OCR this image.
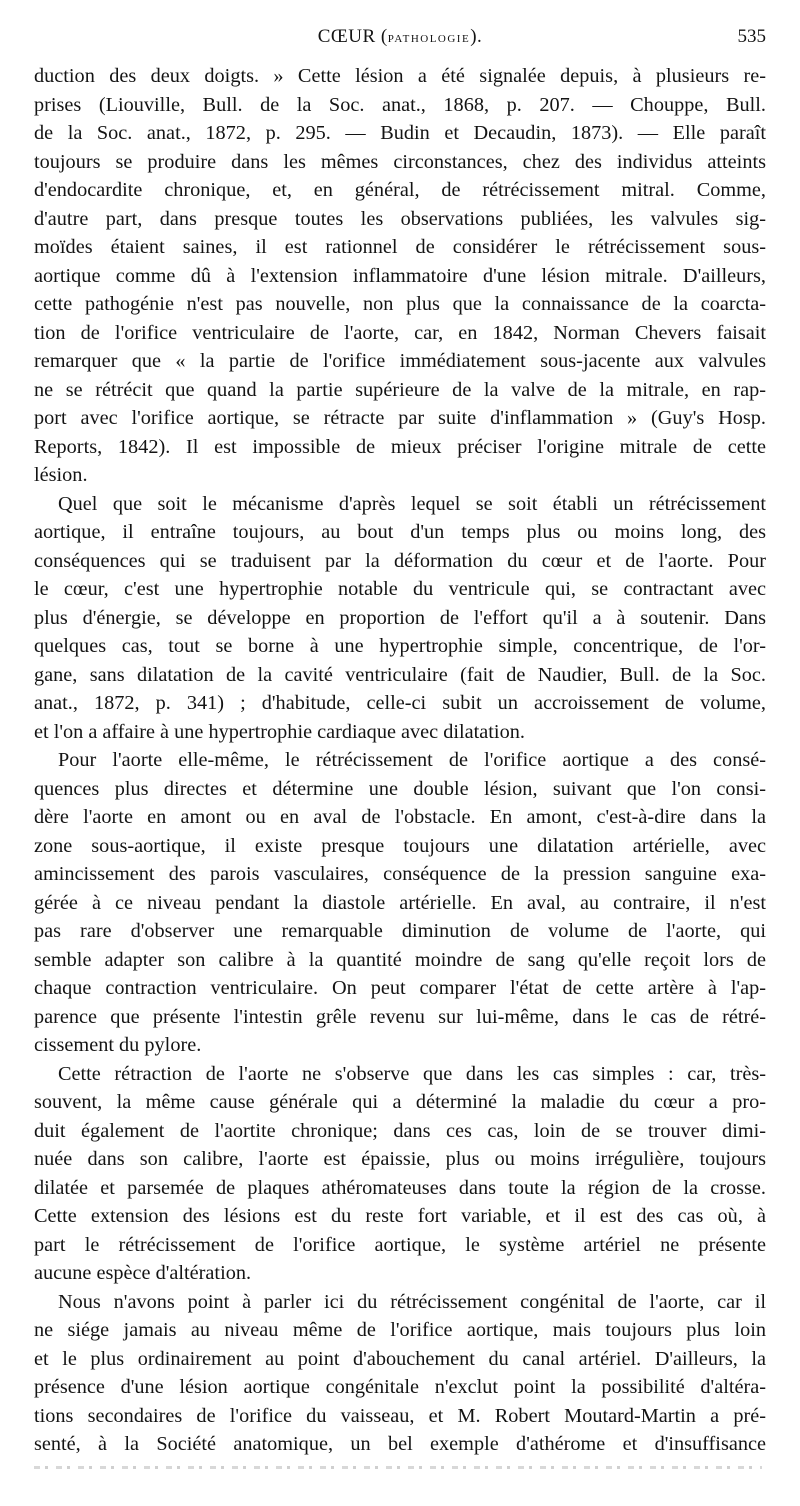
CŒUR (pathologie).	535

duction des deux doigts. » Cette lésion a été signalée depuis, à plusieurs re-

prises (Liouville, Bull. de la Soc. anat., 1868, p. 207. — Chouppe, Bull.

de la Soc. anat., 1872, p. 295. — Budin et Decaudin, 1873). — Elle paraît

toujours se produire dans les mêmes circonstances, chez des individus atteints

d'endocardite chronique, et, en général, de rétrécissement mitral. Comme,

d'autre part, dans presque toutes les observations publiées, les valvules sig-

moïdes étaient saines, il est rationnel de considérer le rétrécissement sous-

aortique comme dû à l'extension inflammatoire d'une lésion mitrale. D'ailleurs,

cette pathogénie n'est pas nouvelle, non plus que la connaissance de la coarcta-

tion de l'orifice ventriculaire de l'aorte, car, en 1842, Norman Chevers faisait

remarquer que « la partie de l'orifice immédiatement sous-jacente aux valvules

ne se rétrécit que quand la partie supérieure de la valve de la mitrale, en rap-

port avec l'orifice aortique, se rétracte par suite d'inflammation » (Guy's Hosp.

Reports, 1842). Il est impossible de mieux préciser l'origine mitrale de cette

lésion.

Quel que soit le mécanisme d'après lequel se soit établi un rétrécissement

aortique, il entraîne toujours, au bout d'un temps plus ou moins long, des

conséquences qui se traduisent par la déformation du cœur et de l'aorte. Pour

le cœur, c'est une hypertrophie notable du ventricule qui, se contractant avec

plus d'énergie, se développe en proportion de l'effort qu'il a à soutenir. Dans

quelques cas, tout se borne à une hypertrophie simple, concentrique, de l'or-

gane, sans dilatation de la cavité ventriculaire (fait de Naudier, Bull. de la Soc.

anat., 1872, p. 341) ; d'habitude, celle-ci subit un accroissement de volume,

et l'on a affaire à une hypertrophie cardiaque avec dilatation.

Pour l'aorte elle-même, le rétrécissement de l'orifice aortique a des consé-

quences plus directes et détermine une double lésion, suivant que l'on consi-

dère l'aorte en amont ou en aval de l'obstacle. En amont, c'est-à-dire dans la

zone sous-aortique, il existe presque toujours une dilatation artérielle, avec

amincissement des parois vasculaires, conséquence de la pression sanguine exa-

gérée à ce niveau pendant la diastole artérielle. En aval, au contraire, il n'est

pas rare d'observer une remarquable diminution de volume de l'aorte, qui

semble adapter son calibre à la quantité moindre de sang qu'elle reçoit lors de

chaque contraction ventriculaire. On peut comparer l'état de cette artère à l'ap-

parence que présente l'intestin grêle revenu sur lui-même, dans le cas de rétré-

cissement du pylore.

Cette rétraction de l'aorte ne s'observe que dans les cas simples : car, très-

souvent, la même cause générale qui a déterminé la maladie du cœur a pro-

duit également de l'aortite chronique; dans ces cas, loin de se trouver dimi-

nuée dans son calibre, l'aorte est épaissie, plus ou moins irrégulière, toujours

dilatée et parsemée de plaques athéromateuses dans toute la région de la crosse.

Cette extension des lésions est du reste fort variable, et il est des cas où, à

part le rétrécissement de l'orifice aortique, le système artériel ne présente

aucune espèce d'altération.

Nous n'avons point à parler ici du rétrécissement congénital de l'aorte, car il

ne siége jamais au niveau même de l'orifice aortique, mais toujours plus loin

et le plus ordinairement au point d'abouchement du canal artériel. D'ailleurs, la

présence d'une lésion aortique congénitale n'exclut point la possibilité d'altéra-

tions secondaires de l'orifice du vaisseau, et M. Robert Moutard-Martin a pré-

senté, à la Société anatomique, un bel exemple d'athérome et d'insuffisance
